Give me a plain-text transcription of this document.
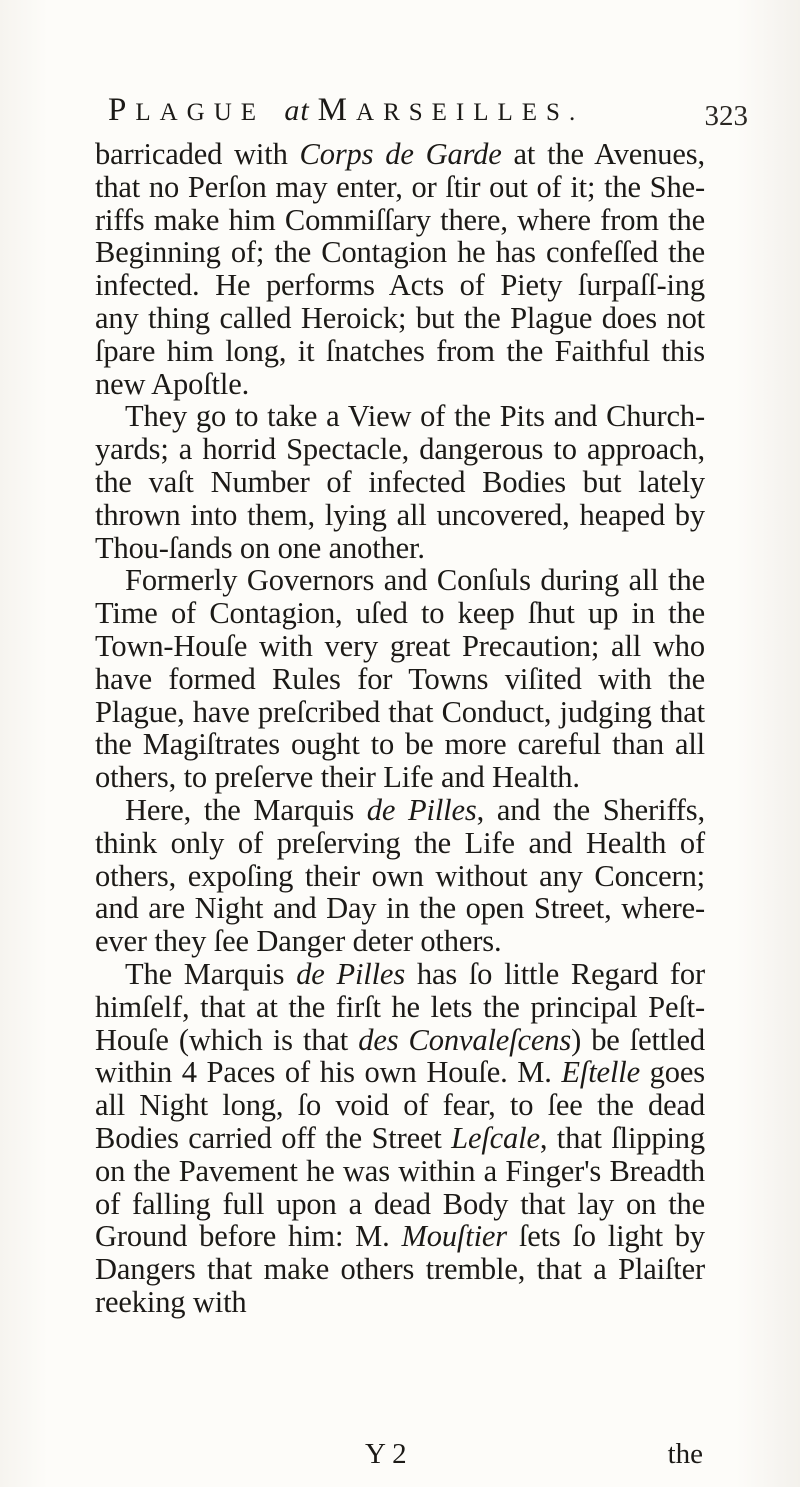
PLAGUE at MARSEILLES.	323

barricaded with Corps de Garde at the Avenues, that no Perſon may enter, or ſtir out of it; the She-riffs make him Commiſſary there, where from the Beginning of; the Contagion he has confeſſed the infected. He performs Acts of Piety ſurpaſſ-ing any thing called Heroick; but the Plague does not ſpare him long, it ſnatches from the Faithful this new Apoſtle.

They go to take a View of the Pits and Church-yards; a horrid Spectacle, dangerous to approach, the vaſt Number of infected Bodies but lately thrown into them, lying all uncovered, heaped by Thou-ſands on one another.

Formerly Governors and Conſuls during all the Time of Contagion, uſed to keep ſhut up in the Town-Houſe with very great Precaution; all who have formed Rules for Towns viſited with the Plague, have preſcribed that Conduct, judging that the Magiſtrates ought to be more careful than all others, to preſerve their Life and Health.

Here, the Marquis de Pilles, and the Sheriffs, think only of preſerving the Life and Health of others, expoſing their own without any Concern; and are Night and Day in the open Street, where-ever they ſee Danger deter others.

The Marquis de Pilles has ſo little Regard for himſelf, that at the firſt he lets the principal Peſt-Houſe (which is that des Convaleſcens) be ſettled within 4 Paces of his own Houſe. M. Eſtelle goes all Night long, ſo void of fear, to ſee the dead Bodies carried off the Street Leſcale, that ſlipping on the Pavement he was within a Finger's Breadth of falling full upon a dead Body that lay on the Ground before him: M. Mouſtier ſets ſo light by Dangers that make others tremble, that a Plaiſter reeking with

Y 2	the
